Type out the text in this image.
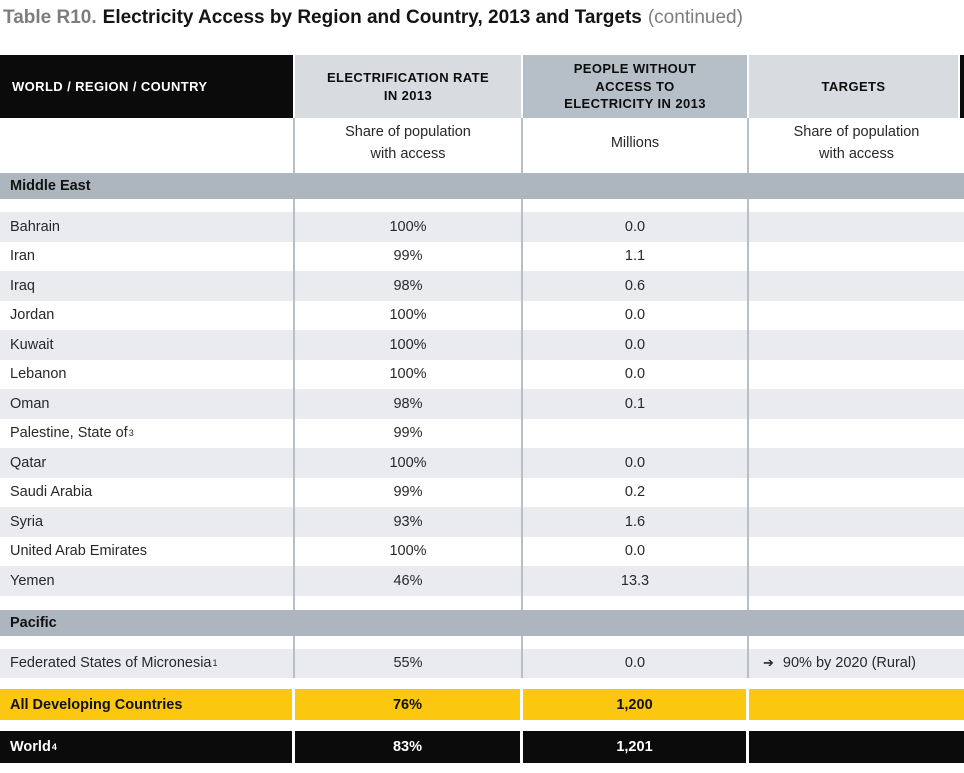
Table R10. Electricity Access by Region and Country, 2013 and Targets (continued)
WORLD / REGION / COUNTRY
ELECTRIFICATION RATE IN 2013
PEOPLE WITHOUT ACCESS TO ELECTRICITY IN 2013
TARGETS
Share of population with access
Millions
Share of population with access
Middle East
Bahrain	100%	0.0
Iran	99%	1.1
Iraq	98%	0.6
Jordan	100%	0.0
Kuwait	100%	0.0
Lebanon	100%	0.0
Oman	98%	0.1
Palestine, State of 3	99%
Qatar	100%	0.0
Saudi Arabia	99%	0.2
Syria	93%	1.6
United Arab Emirates	100%	0.0
Yemen	46%	13.3
Pacific
Federated States of Micronesia 1	55%	0.0	➔ 90% by 2020 (Rural)
All Developing Countries	76%	1,200
World 4	83%	1,201
